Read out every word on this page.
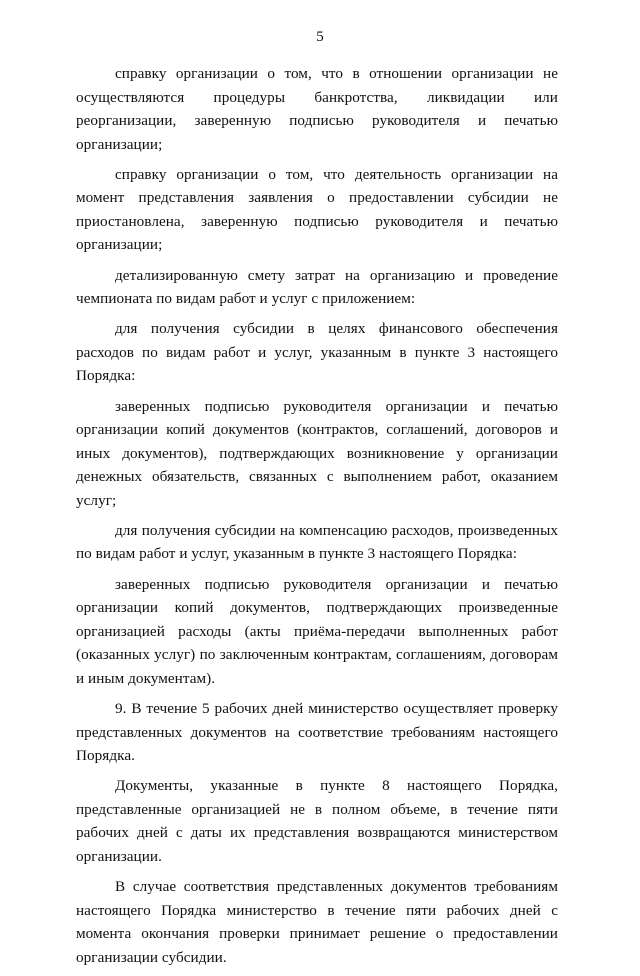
5

справку организации о том, что в отношении организации не осуществляются процедуры банкротства, ликвидации или реорганизации, заверенную подписью руководителя и печатью организации;

справку организации о том, что деятельность организации на момент представления заявления о предоставлении субсидии не приостановлена, заверенную подписью руководителя и печатью организации;

детализированную смету затрат на организацию и проведение чемпионата по видам работ и услуг с приложением:

для получения субсидии в целях финансового обеспечения расходов по видам работ и услуг, указанным в пункте 3 настоящего Порядка:

заверенных подписью руководителя организации и печатью организации копий документов (контрактов, соглашений, договоров и иных документов), подтверждающих возникновение у организации денежных обязательств, связанных с выполнением работ, оказанием услуг;

для получения субсидии на компенсацию расходов, произведенных по видам работ и услуг, указанным в пункте 3 настоящего Порядка:

заверенных подписью руководителя организации и печатью организации копий документов, подтверждающих произведенные организацией расходы (акты приёма-передачи выполненных работ (оказанных услуг) по заключенным контрактам, соглашениям, договорам и иным документам).

9. В течение 5 рабочих дней министерство осуществляет проверку представленных документов на соответствие требованиям настоящего Порядка.

Документы, указанные в пункте 8 настоящего Порядка, представленные организацией не в полном объеме, в течение пяти рабочих дней с даты их представления возвращаются министерством организации.

В случае соответствия представленных документов требованиям настоящего Порядка министерство в течение пяти рабочих дней с момента окончания проверки принимает решение о предоставлении организации субсидии.
